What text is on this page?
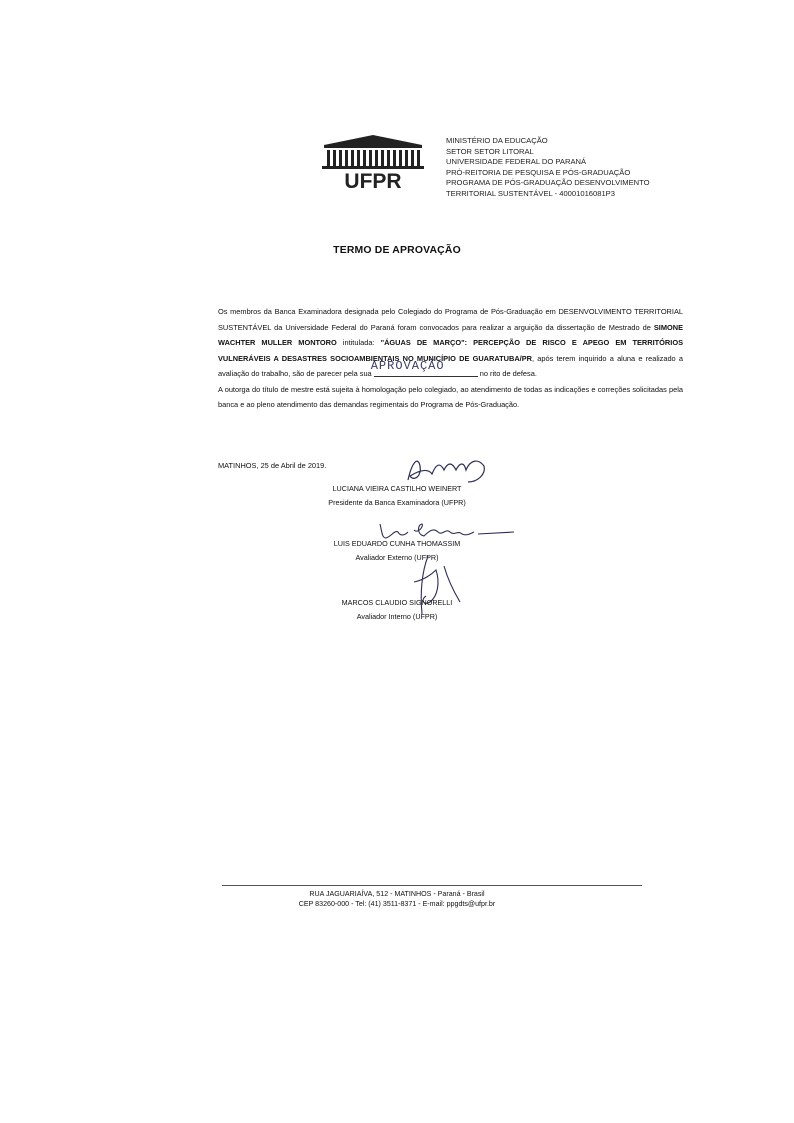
UFPR
MINISTÉRIO DA EDUCAÇÃO
SETOR SETOR LITORAL
UNIVERSIDADE FEDERAL DO PARANÁ
PRÓ-REITORIA DE PESQUISA E PÓS-GRADUAÇÃO
PROGRAMA DE PÓS-GRADUAÇÃO DESENVOLVIMENTO
TERRITORIAL SUSTENTÁVEL - 40001016081P3
TERMO DE APROVAÇÃO

Os membros da Banca Examinadora designada pelo Colegiado do Programa de Pós-Graduação em DESENVOLVIMENTO TERRITORIAL SUSTENTÁVEL da Universidade Federal do Paraná foram convocados para realizar a arguição da dissertação de Mestrado de SIMONE WACHTER MULLER MONTORO intitulada: "ÁGUAS DE MARÇO": PERCEPÇÃO DE RISCO E APEGO EM TERRITÓRIOS VULNERÁVEIS A DESASTRES SOCIOAMBIENTAIS NO MUNICÍPIO DE GUARATUBA/PR, após terem inquirido a aluna e realizado a avaliação do trabalho, são de parecer pela sua
APROVAÇÃO
no rito de defesa.

A outorga do título de mestre está sujeita à homologação pelo colegiado, ao atendimento de todas as indicações e correções solicitadas pela banca e ao pleno atendimento das demandas regimentais do Programa de Pós-Graduação.

MATINHOS, 25 de Abril de 2019.
LUCIANA VIEIRA CASTILHO WEINERT
Presidente da Banca Examinadora (UFPR)
LUIS EDUARDO CUNHA THOMASSIM
Avaliador Externo (UFPR)
MARCOS CLAUDIO SIGNORELLI
Avaliador Interno (UFPR)
RUA JAGUARIAÍVA, 512 - MATINHOS - Paraná - Brasil
CEP 83260-000 - Tel: (41) 3511-8371 - E-mail: ppgdts@ufpr.br
